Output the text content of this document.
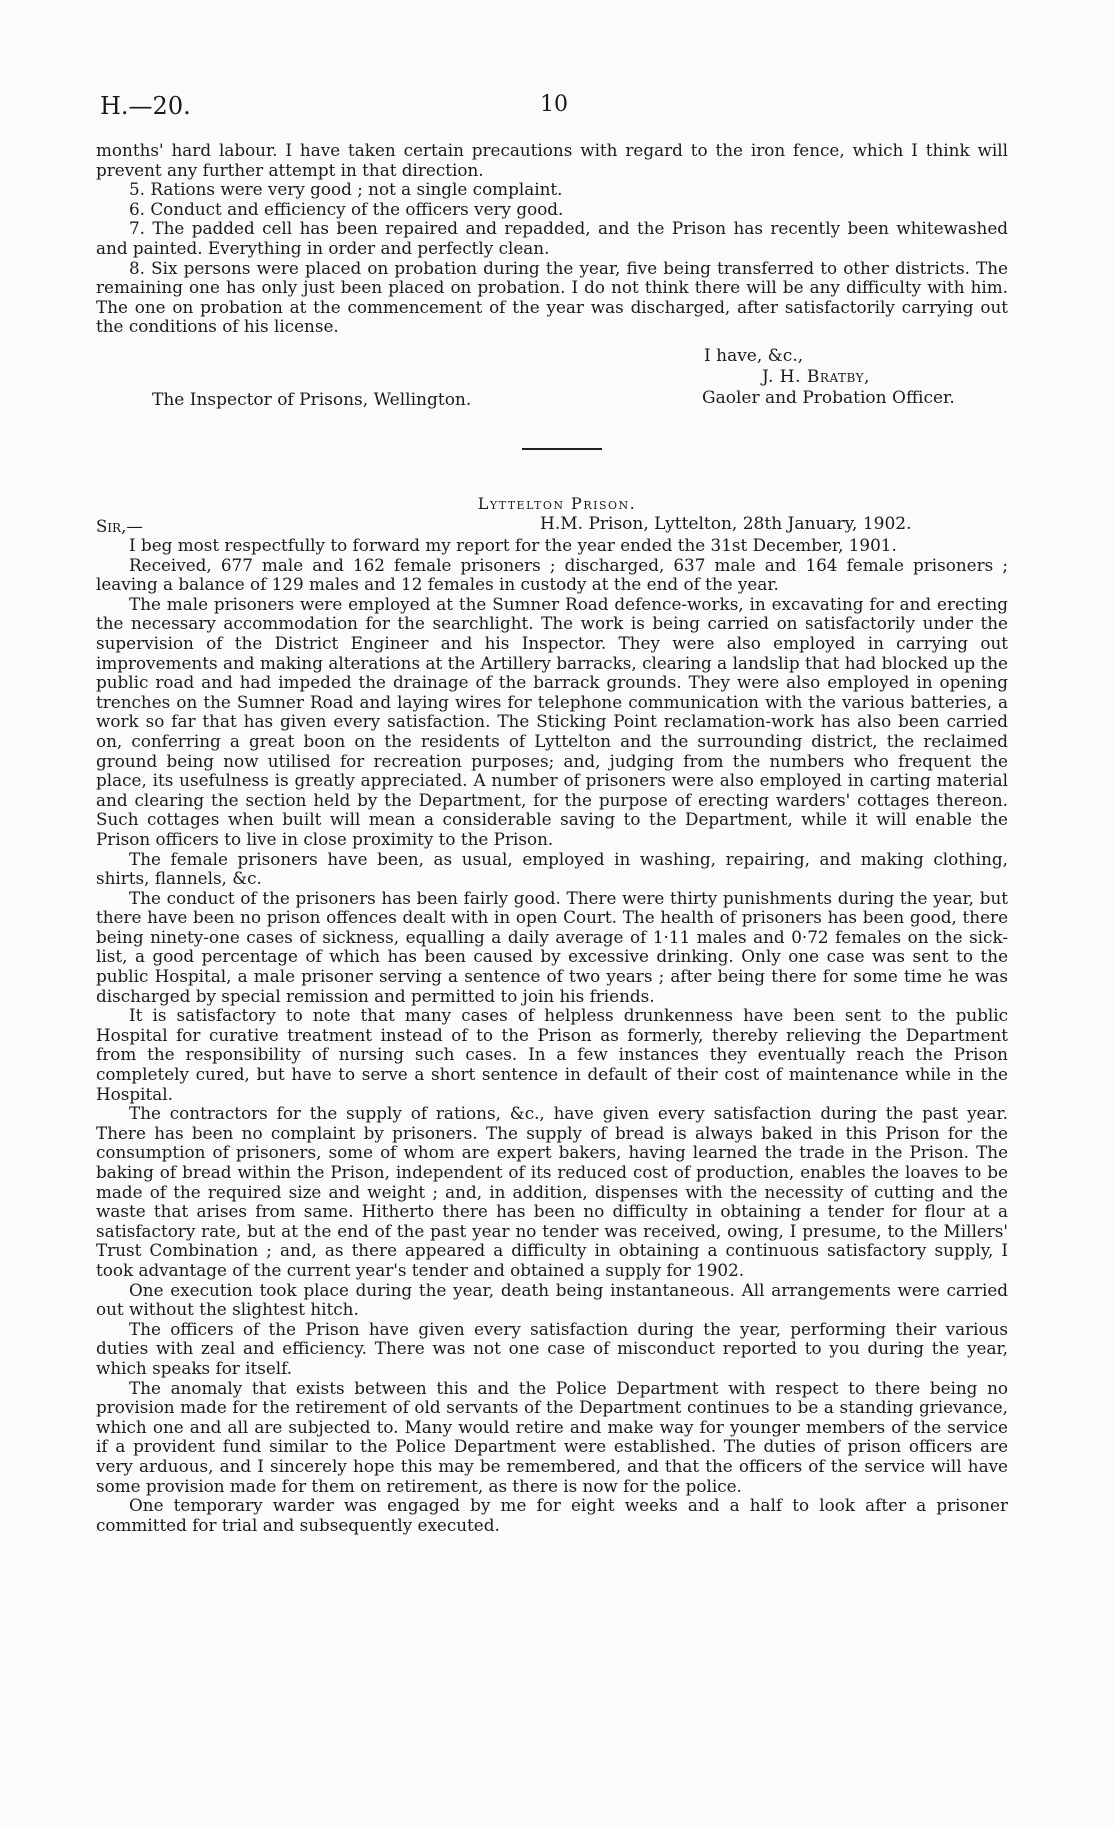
H.—20.	10

months' hard labour. I have taken certain precautions with regard to the iron fence, which I think will prevent any further attempt in that direction.

5. Rations were very good ; not a single complaint.

6. Conduct and efficiency of the officers very good.

7. The padded cell has been repaired and repadded, and the Prison has recently been whitewashed and painted. Everything in order and perfectly clean.

8. Six persons were placed on probation during the year, five being transferred to other districts. The remaining one has only just been placed on probation. I do not think there will be any difficulty with him. The one on probation at the commencement of the year was discharged, after satisfactorily carrying out the conditions of his license.

I have, &c.,
J. H. Bratby,
Gaoler and Probation Officer.
The Inspector of Prisons, Wellington.
Lyttelton Prison.
Sir,—	H.M. Prison, Lyttelton, 28th January, 1902.

I beg most respectfully to forward my report for the year ended the 31st December, 1901.

Received, 677 male and 162 female prisoners ; discharged, 637 male and 164 female prisoners ; leaving a balance of 129 males and 12 females in custody at the end of the year.

The male prisoners were employed at the Sumner Road defence-works, in excavating for and erecting the necessary accommodation for the searchlight. The work is being carried on satisfactorily under the supervision of the District Engineer and his Inspector. They were also employed in carrying out improvements and making alterations at the Artillery barracks, clearing a landslip that had blocked up the public road and had impeded the drainage of the barrack grounds. They were also employed in opening trenches on the Sumner Road and laying wires for telephone communication with the various batteries, a work so far that has given every satisfaction. The Sticking Point reclamation-work has also been carried on, conferring a great boon on the residents of Lyttelton and the surrounding district, the reclaimed ground being now utilised for recreation purposes; and, judging from the numbers who frequent the place, its usefulness is greatly appreciated. A number of prisoners were also employed in carting material and clearing the section held by the Department, for the purpose of erecting warders' cottages thereon. Such cottages when built will mean a considerable saving to the Department, while it will enable the Prison officers to live in close proximity to the Prison.

The female prisoners have been, as usual, employed in washing, repairing, and making clothing, shirts, flannels, &c.

The conduct of the prisoners has been fairly good. There were thirty punishments during the year, but there have been no prison offences dealt with in open Court. The health of prisoners has been good, there being ninety-one cases of sickness, equalling a daily average of 1·11 males and 0·72 females on the sick-list, a good percentage of which has been caused by excessive drinking. Only one case was sent to the public Hospital, a male prisoner serving a sentence of two years ; after being there for some time he was discharged by special remission and permitted to join his friends.

It is satisfactory to note that many cases of helpless drunkenness have been sent to the public Hospital for curative treatment instead of to the Prison as formerly, thereby relieving the Department from the responsibility of nursing such cases. In a few instances they eventually reach the Prison completely cured, but have to serve a short sentence in default of their cost of maintenance while in the Hospital.

The contractors for the supply of rations, &c., have given every satisfaction during the past year. There has been no complaint by prisoners. The supply of bread is always baked in this Prison for the consumption of prisoners, some of whom are expert bakers, having learned the trade in the Prison. The baking of bread within the Prison, independent of its reduced cost of production, enables the loaves to be made of the required size and weight ; and, in addition, dispenses with the necessity of cutting and the waste that arises from same. Hitherto there has been no difficulty in obtaining a tender for flour at a satisfactory rate, but at the end of the past year no tender was received, owing, I presume, to the Millers' Trust Combination ; and, as there appeared a difficulty in obtaining a continuous satisfactory supply, I took advantage of the current year's tender and obtained a supply for 1902.

One execution took place during the year, death being instantaneous. All arrangements were carried out without the slightest hitch.

The officers of the Prison have given every satisfaction during the year, performing their various duties with zeal and efficiency. There was not one case of misconduct reported to you during the year, which speaks for itself.

The anomaly that exists between this and the Police Department with respect to there being no provision made for the retirement of old servants of the Department continues to be a standing grievance, which one and all are subjected to. Many would retire and make way for younger members of the service if a provident fund similar to the Police Department were established. The duties of prison officers are very arduous, and I sincerely hope this may be remembered, and that the officers of the service will have some provision made for them on retirement, as there is now for the police.

One temporary warder was engaged by me for eight weeks and a half to look after a prisoner committed for trial and subsequently executed.
